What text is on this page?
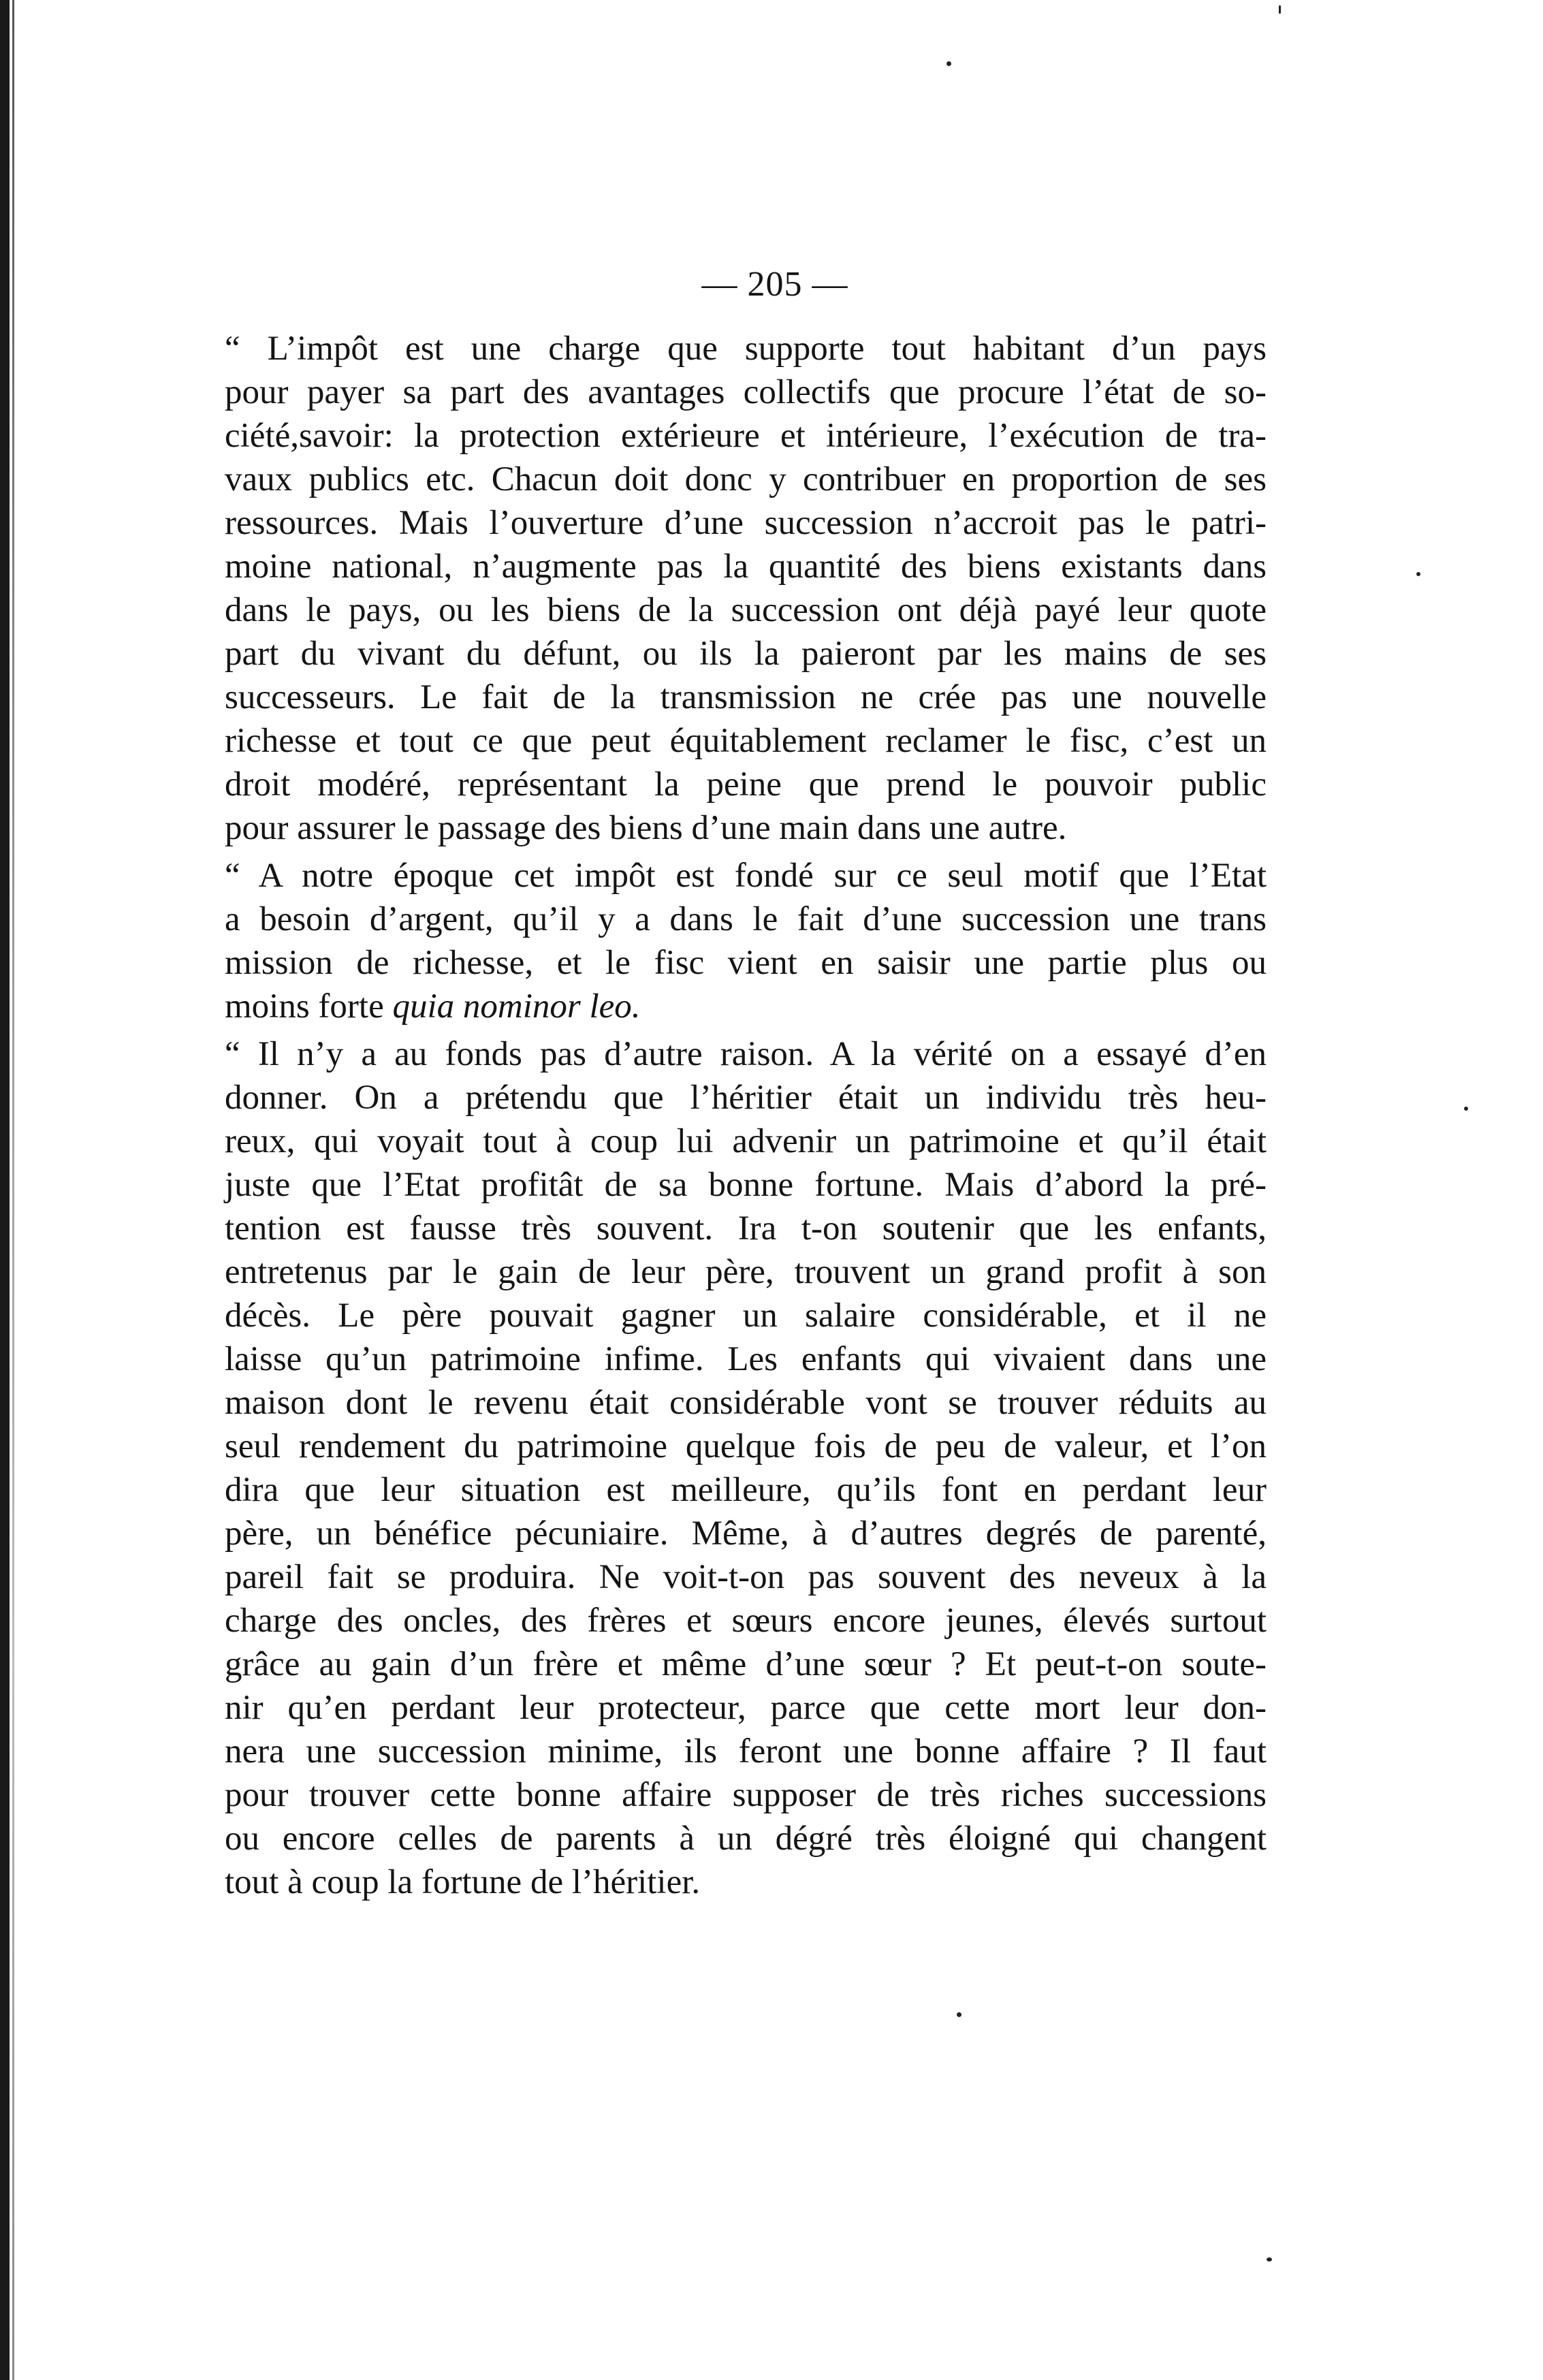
— 205 —
“ L’impôt est une charge que supporte tout habitant d’un pays
pour payer sa part des avantages collectifs que procure l’état de so-
ciété,savoir: la protection extérieure et intérieure, l’exécution de tra-
vaux publics etc. Chacun doit donc y contribuer en proportion de ses
ressources. Mais l’ouverture d’une succession n’accroit pas le patri-
moine national, n’augmente pas la quantité des biens existants dans
dans le pays, ou les biens de la succession ont déjà payé leur quote
part du vivant du défunt, ou ils la paieront par les mains de ses
successeurs. Le fait de la transmission ne crée pas une nouvelle
richesse et tout ce que peut équitablement reclamer le fisc, c’est un
droit modéré, représentant la peine que prend le pouvoir public
pour assurer le passage des biens d’une main dans une autre.
“ A notre époque cet impôt est fondé sur ce seul motif que l’Etat
a besoin d’argent, qu’il y a dans le fait d’une succession une trans
mission de richesse, et le fisc vient en saisir une partie plus ou
moins forte quia nominor leo.
“ Il n’y a au fonds pas d’autre raison. A la vérité on a essayé d’en
donner. On a prétendu que l’héritier était un individu très heu-
reux, qui voyait tout à coup lui advenir un patrimoine et qu’il était
juste que l’Etat profitât de sa bonne fortune. Mais d’abord la pré-
tention est fausse très souvent. Ira t-on soutenir que les enfants,
entretenus par le gain de leur père, trouvent un grand profit à son
décès. Le père pouvait gagner un salaire considérable, et il ne
laisse qu’un patrimoine infime. Les enfants qui vivaient dans une
maison dont le revenu était considérable vont se trouver réduits au
seul rendement du patrimoine quelque fois de peu de valeur, et l’on
dira que leur situation est meilleure, qu’ils font en perdant leur
père, un bénéfice pécuniaire. Même, à d’autres degrés de parenté,
pareil fait se produira. Ne voit-t-on pas souvent des neveux à la
charge des oncles, des frères et sœurs encore jeunes, élevés surtout
grâce au gain d’un frère et même d’une sœur ? Et peut-t-on soute-
nir qu’en perdant leur protecteur, parce que cette mort leur don-
nera une succession minime, ils feront une bonne affaire ? Il faut
pour trouver cette bonne affaire supposer de très riches successions
ou encore celles de parents à un dégré très éloigné qui changent
tout à coup la fortune de l’héritier.
